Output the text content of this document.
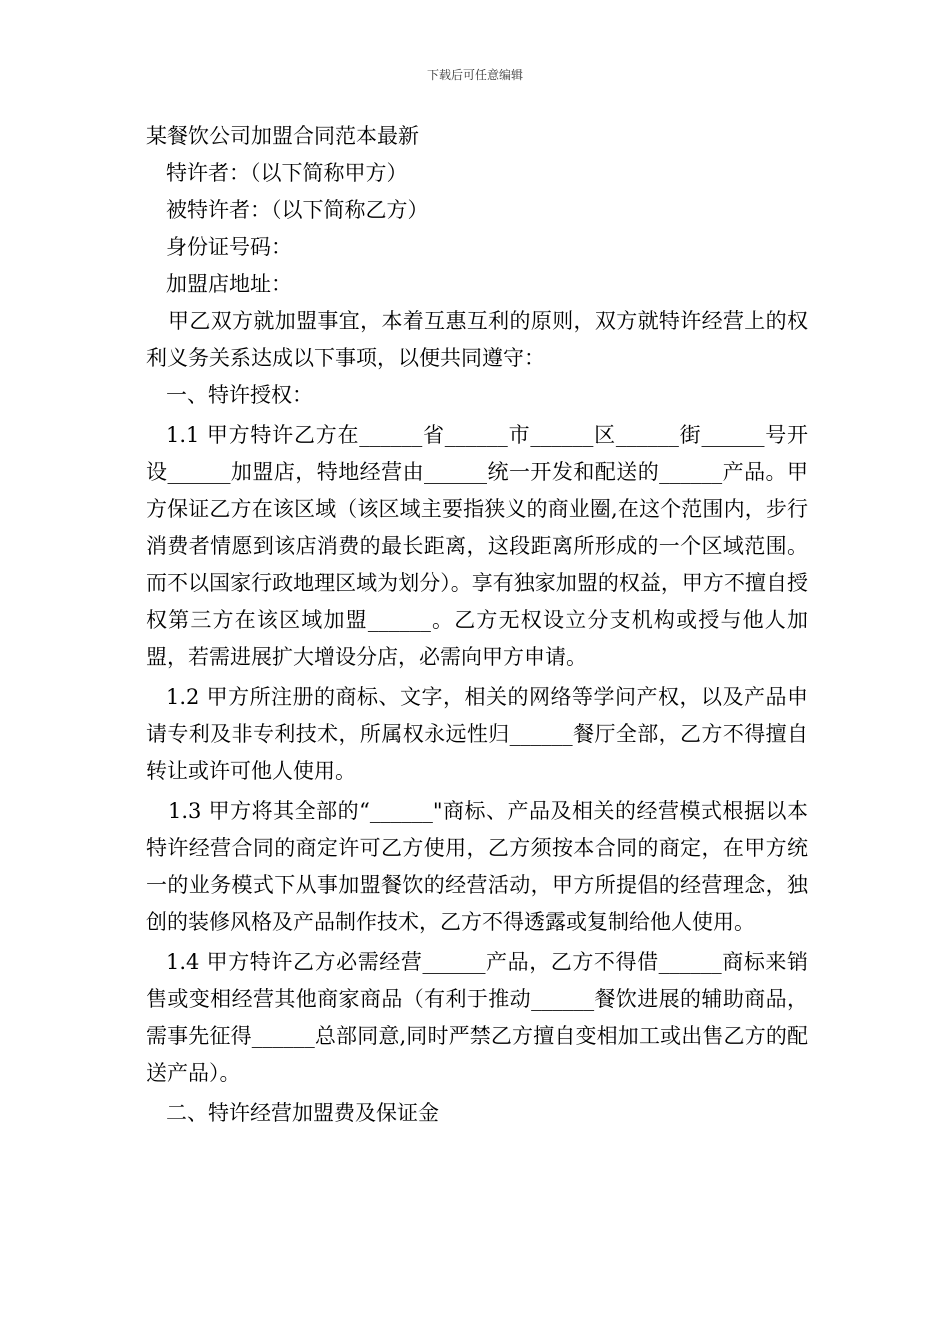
下载后可任意编辑

某餐饮公司加盟合同范本最新

特许者：（以下简称甲方）

被特许者：（以下简称乙方）

身份证号码：

加盟店地址：

甲乙双方就加盟事宜，本着互惠互利的原则，双方就特许经营上的权利义务关系达成以下事项，以便共同遵守：

一、特许授权：

1.1 甲方特许乙方在______省______市______区______街______号开设______加盟店，特地经营由______统一开发和配送的______产品。甲方保证乙方在该区域（该区域主要指狭义的商业圈,在这个范围内，步行消费者情愿到该店消费的最长距离，这段距离所形成的一个区域范围。而不以国家行政地理区域为划分）。享有独家加盟的权益，甲方不擅自授权第三方在该区域加盟______。乙方无权设立分支机构或授与他人加盟，若需进展扩大增设分店，必需向甲方申请。

1.2 甲方所注册的商标、文字，相关的网络等学问产权，以及产品申请专利及非专利技术，所属权永远性归______餐厅全部，乙方不得擅自转让或许可他人使用。

1.3 甲方将其全部的“______"商标、产品及相关的经营模式根据以本特许经营合同的商定许可乙方使用，乙方须按本合同的商定，在甲方统一的业务模式下从事加盟餐饮的经营活动，甲方所提倡的经营理念，独创的装修风格及产品制作技术，乙方不得透露或复制给他人使用。

1.4 甲方特许乙方必需经营______产品，乙方不得借______商标来销售或变相经营其他商家商品（有利于推动______餐饮进展的辅助商品，需事先征得______总部同意,同时严禁乙方擅自变相加工或出售乙方的配送产品）。

二、特许经营加盟费及保证金
